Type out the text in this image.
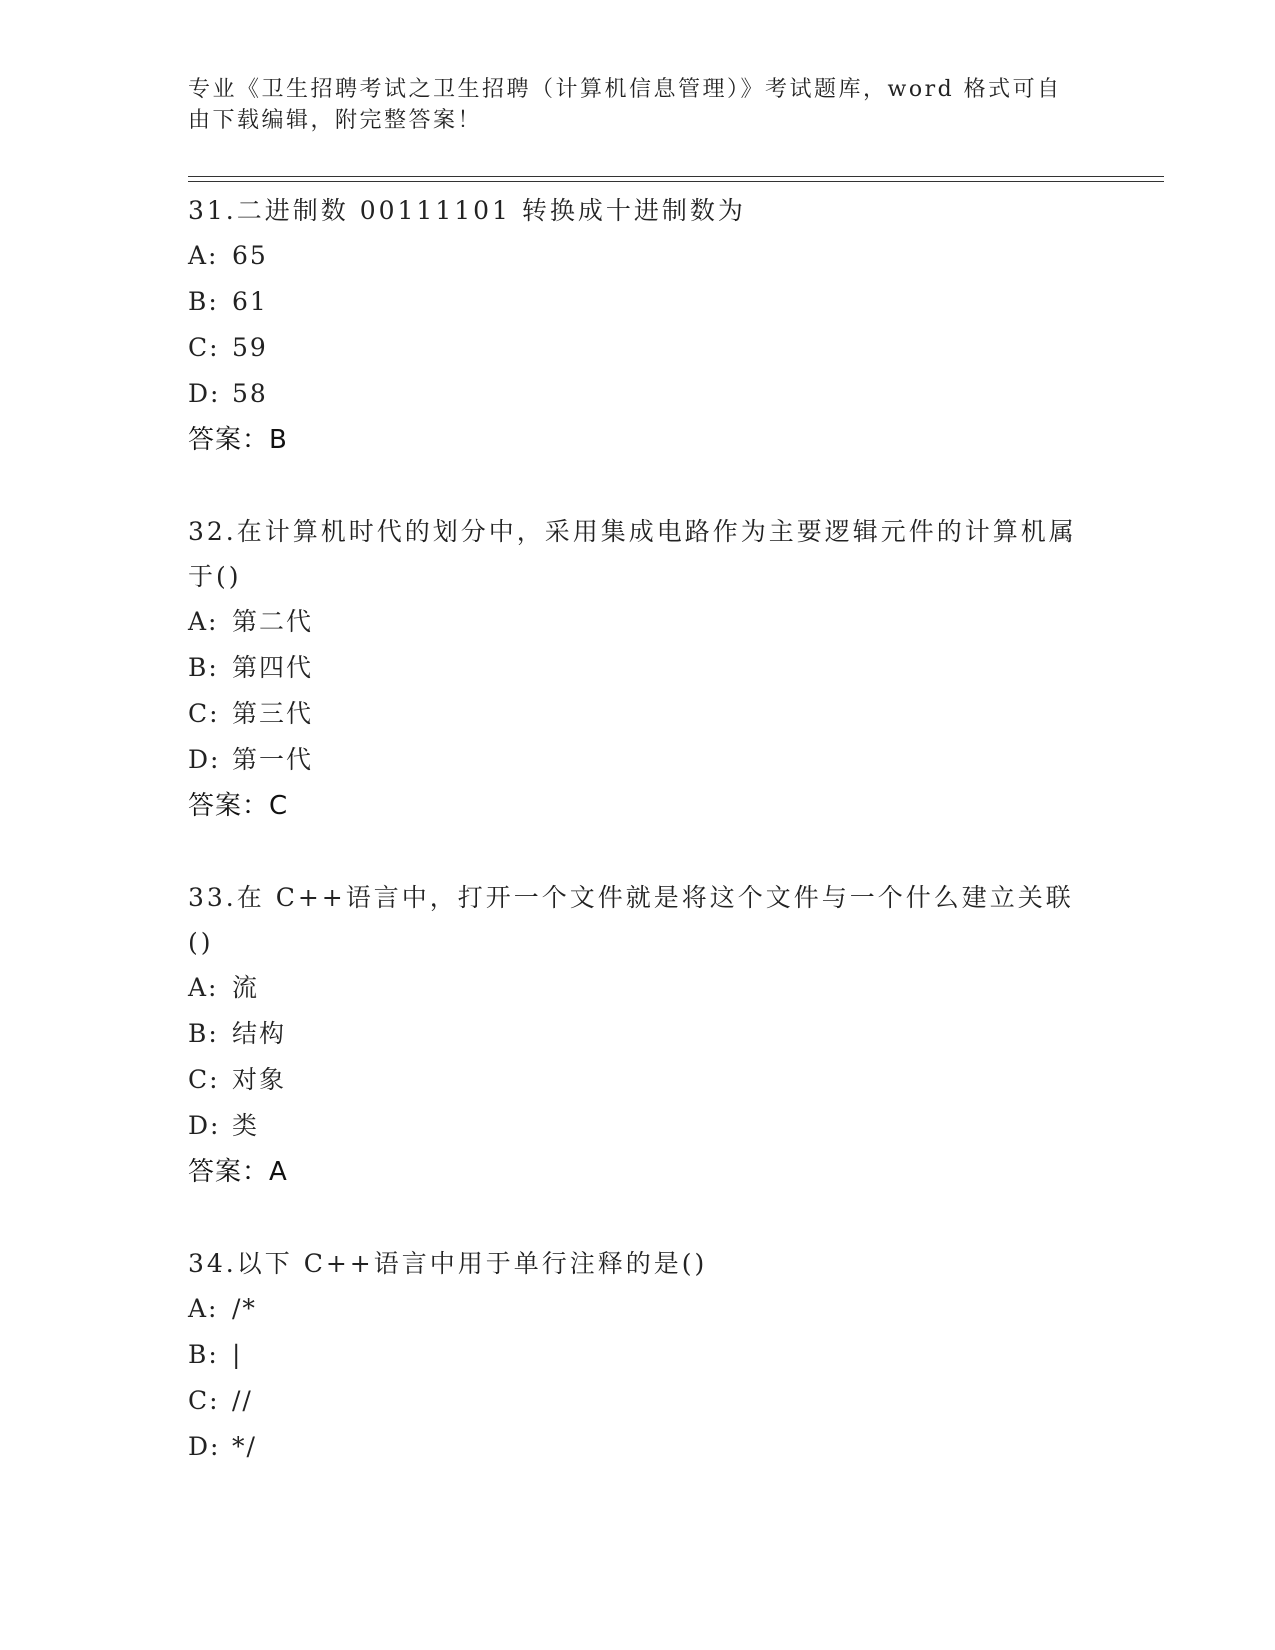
专业《卫生招聘考试之卫生招聘（计算机信息管理）》考试题库，word 格式可自由下载编辑，附完整答案！
31.二进制数 00111101 转换成十进制数为
A: 65
B: 61
C: 59
D: 58
答案：B
32.在计算机时代的划分中，采用集成电路作为主要逻辑元件的计算机属于()
A: 第二代
B: 第四代
C: 第三代
D: 第一代
答案：C
33.在 C++语言中，打开一个文件就是将这个文件与一个什么建立关联()
A: 流
B: 结构
C: 对象
D: 类
答案：A
34.以下 C++语言中用于单行注释的是()
A: /*
B: |
C: //
D: */
